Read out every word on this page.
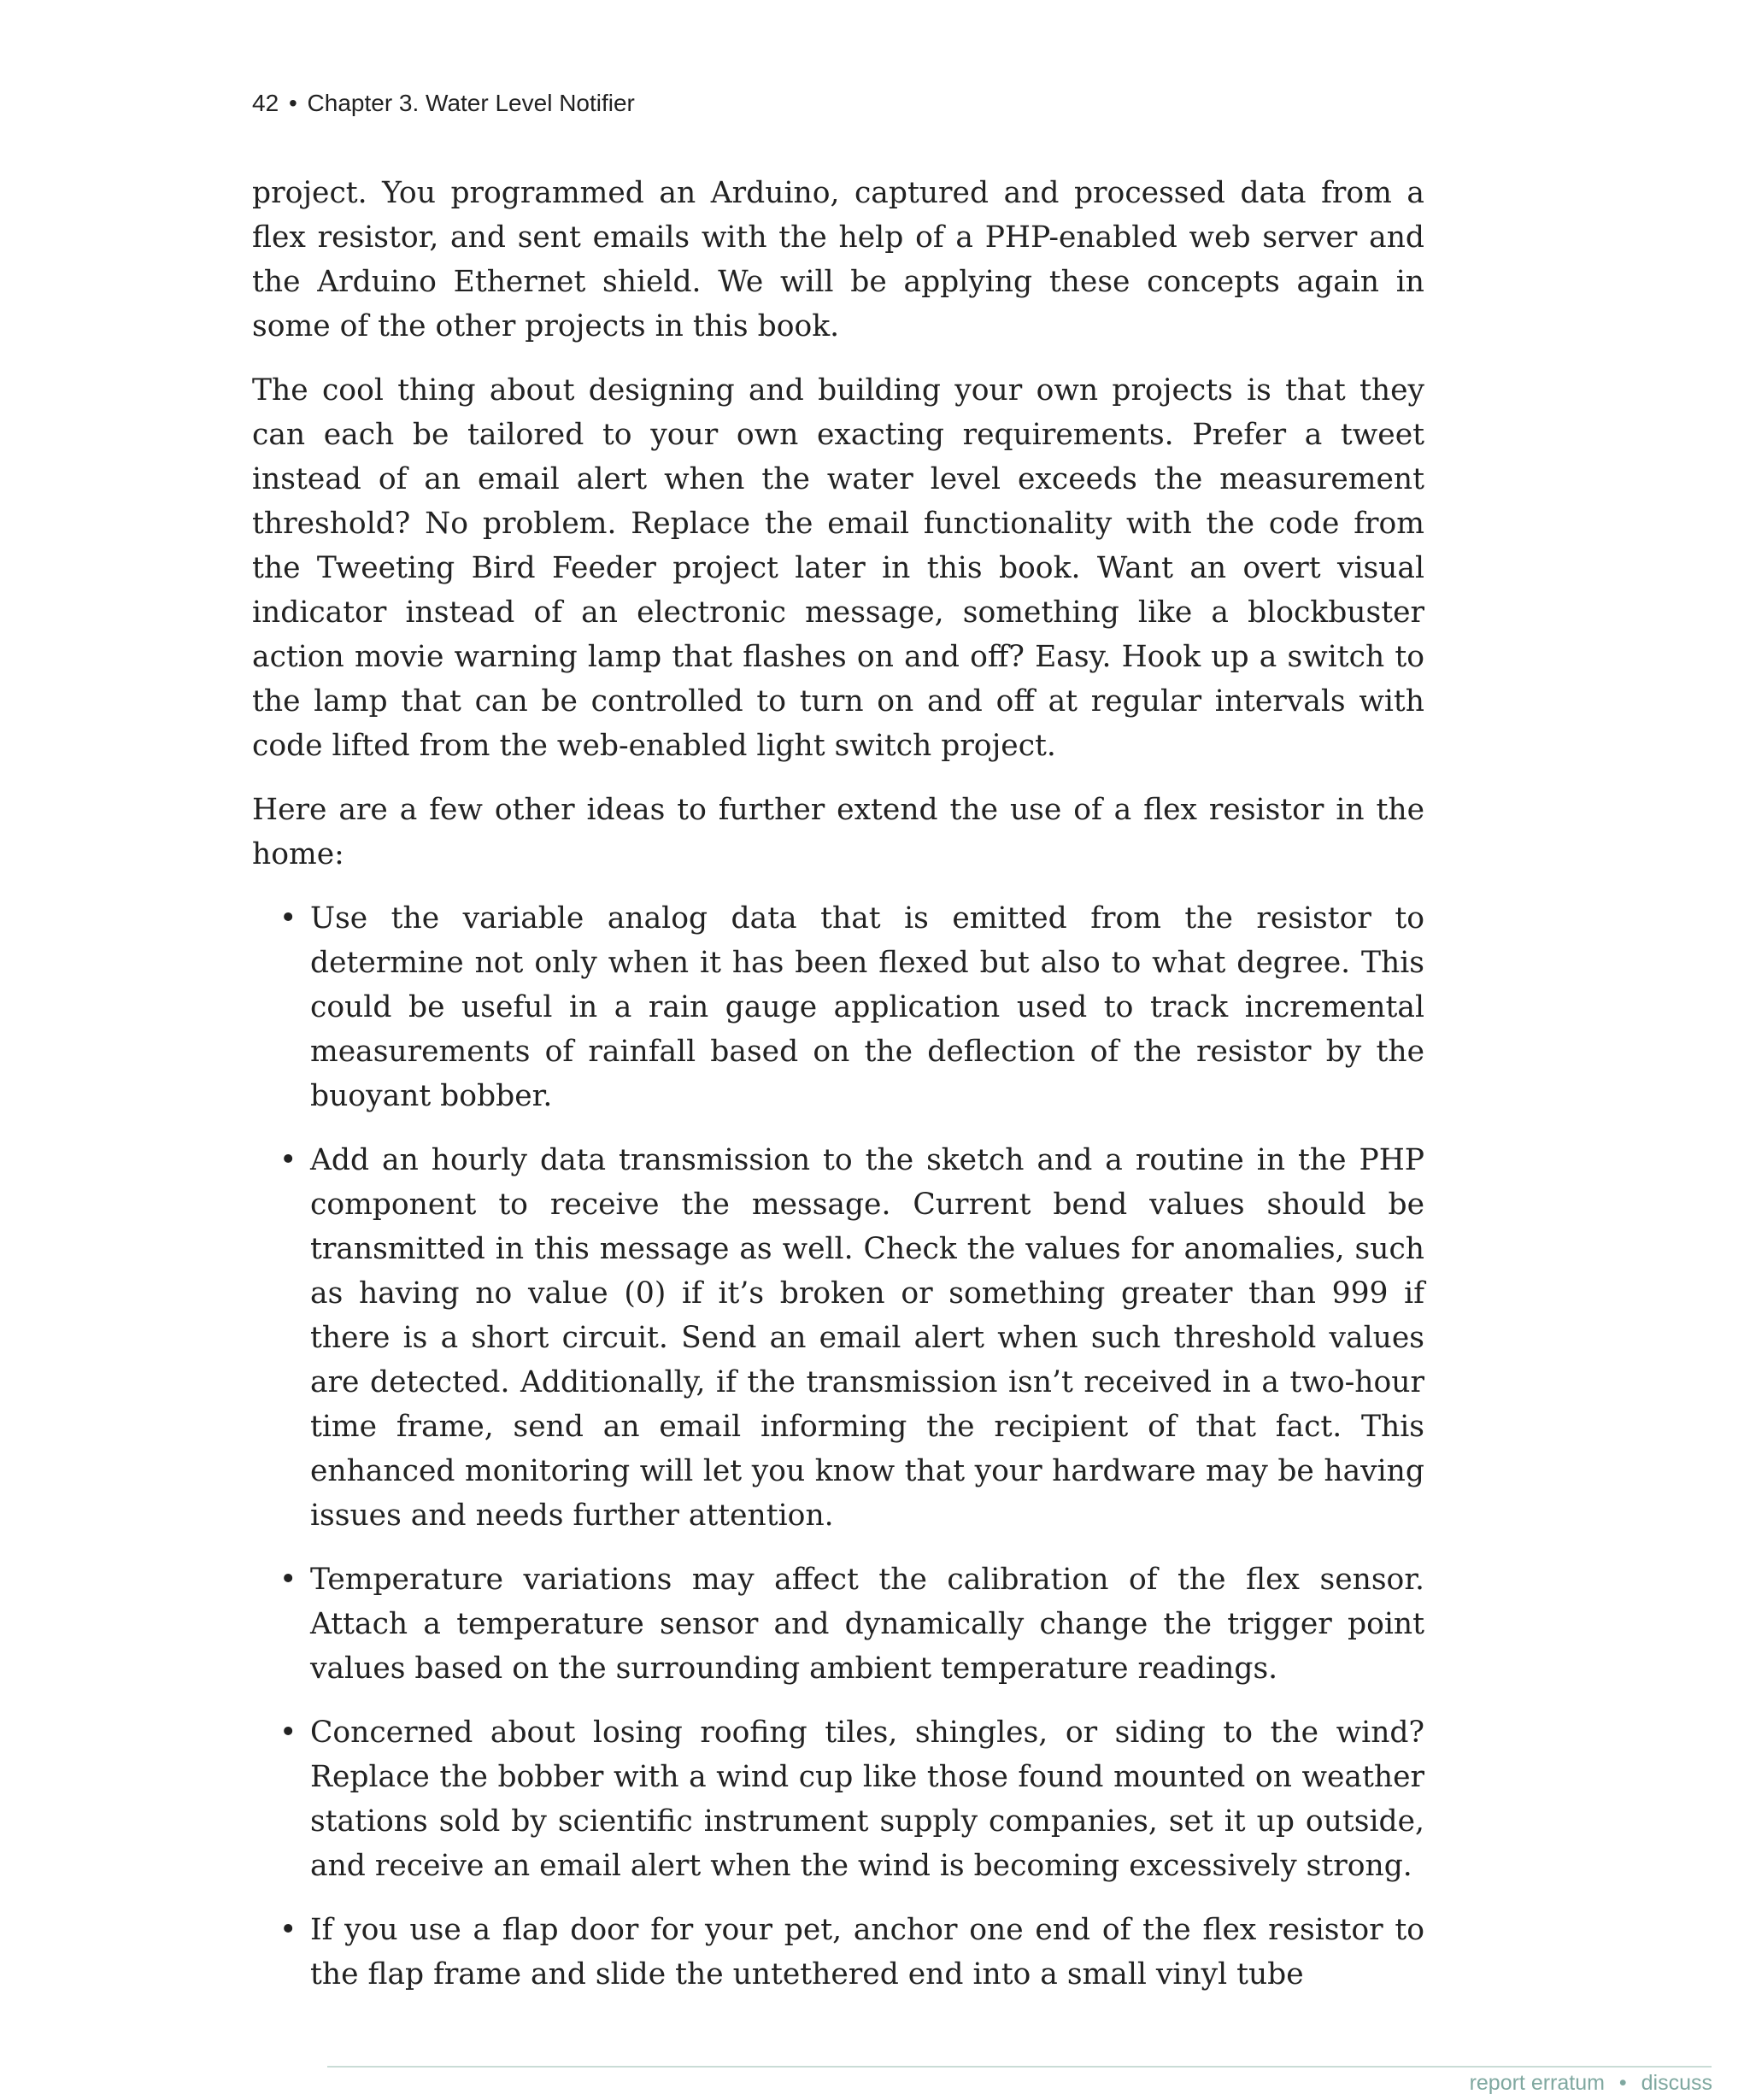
42 • Chapter 3. Water Level Notifier

project. You programmed an Arduino, captured and processed data from a flex resistor, and sent emails with the help of a PHP-enabled web server and the Arduino Ethernet shield. We will be applying these concepts again in some of the other projects in this book.

The cool thing about designing and building your own projects is that they can each be tailored to your own exacting requirements. Prefer a tweet instead of an email alert when the water level exceeds the measurement threshold? No problem. Replace the email functionality with the code from the Tweeting Bird Feeder project later in this book. Want an overt visual indicator instead of an electronic message, something like a blockbuster action movie warning lamp that flashes on and off? Easy. Hook up a switch to the lamp that can be controlled to turn on and off at regular intervals with code lifted from the web-enabled light switch project.

Here are a few other ideas to further extend the use of a flex resistor in the home:

• Use the variable analog data that is emitted from the resistor to determine not only when it has been flexed but also to what degree. This could be useful in a rain gauge application used to track incremental measurements of rainfall based on the deflection of the resistor by the buoyant bobber.
• Add an hourly data transmission to the sketch and a routine in the PHP component to receive the message. Current bend values should be transmitted in this message as well. Check the values for anomalies, such as having no value (0) if it’s broken or something greater than 999 if there is a short circuit. Send an email alert when such threshold values are detected. Additionally, if the transmission isn’t received in a two-hour time frame, send an email informing the recipient of that fact. This enhanced monitoring will let you know that your hardware may be having issues and needs further attention.
• Temperature variations may affect the calibration of the flex sensor. Attach a temperature sensor and dynamically change the trigger point values based on the surrounding ambient temperature readings.
• Concerned about losing roofing tiles, shingles, or siding to the wind? Replace the bobber with a wind cup like those found mounted on weather stations sold by scientific instrument supply companies, set it up outside, and receive an email alert when the wind is becoming excessively strong.
• If you use a flap door for your pet, anchor one end of the flex resistor to the flap frame and slide the untethered end into a small vinyl tube
report erratum • discuss
